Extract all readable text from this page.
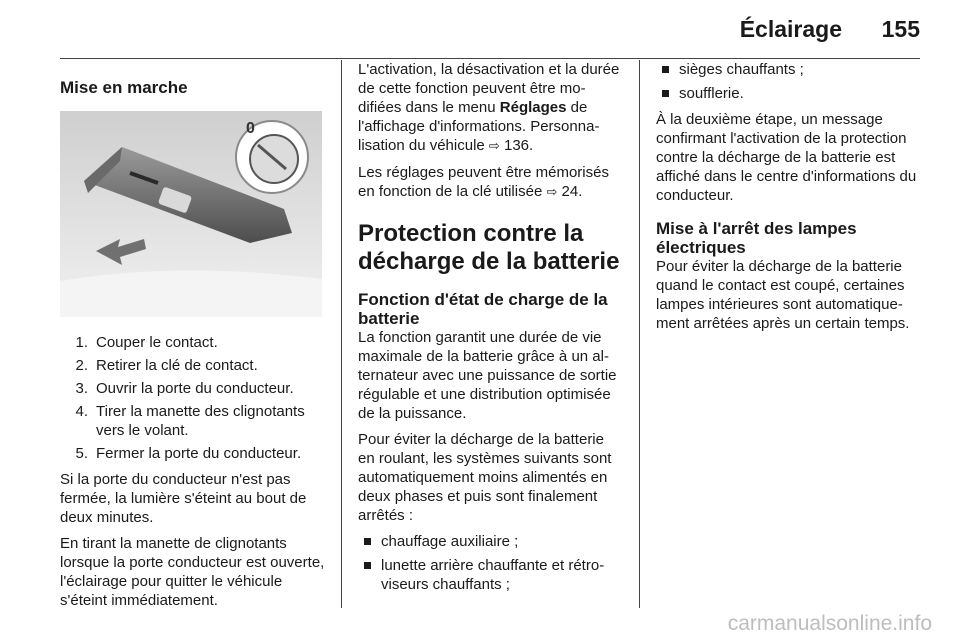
Éclairage 155
Mise en marche
0
1. Couper le contact.
2. Retirer la clé de contact.
3. Ouvrir la porte du conducteur.
4. Tirer la manette des clignotants vers le volant.
5. Fermer la porte du conducteur.

Si la porte du conducteur n'est pas fermée, la lumière s'éteint au bout de deux minutes.

En tirant la manette de clignotants lorsque la porte conducteur est ouverte, l'éclairage pour quitter le véhicule s'éteint immédiatement.

L'activation, la désactivation et la durée de cette fonction peuvent être modifiées dans le menu Réglages de l'affichage d'informations. Personnalisation du véhicule ⇨ 136.

Les réglages peuvent être mémorisés en fonction de la clé utilisée ⇨ 24.

Protection contre la décharge de la batterie
Fonction d'état de charge de la batterie

La fonction garantit une durée de vie maximale de la batterie grâce à un alternateur avec une puissance de sortie régulable et une distribution optimisée de la puissance.

Pour éviter la décharge de la batterie en roulant, les systèmes suivants sont automatiquement moins alimentés en deux phases et puis sont finalement arrêtés :

chauffage auxiliaire ;
lunette arrière chauffante et rétroviseurs chauffants ;
sièges chauffants ;
soufflerie.

À la deuxième étape, un message confirmant l'activation de la protection contre la décharge de la batterie est affiché dans le centre d'informations du conducteur.

Mise à l'arrêt des lampes électriques

Pour éviter la décharge de la batterie quand le contact est coupé, certaines lampes intérieures sont automatiquement arrêtées après un certain temps.

carmanualsonline.info
